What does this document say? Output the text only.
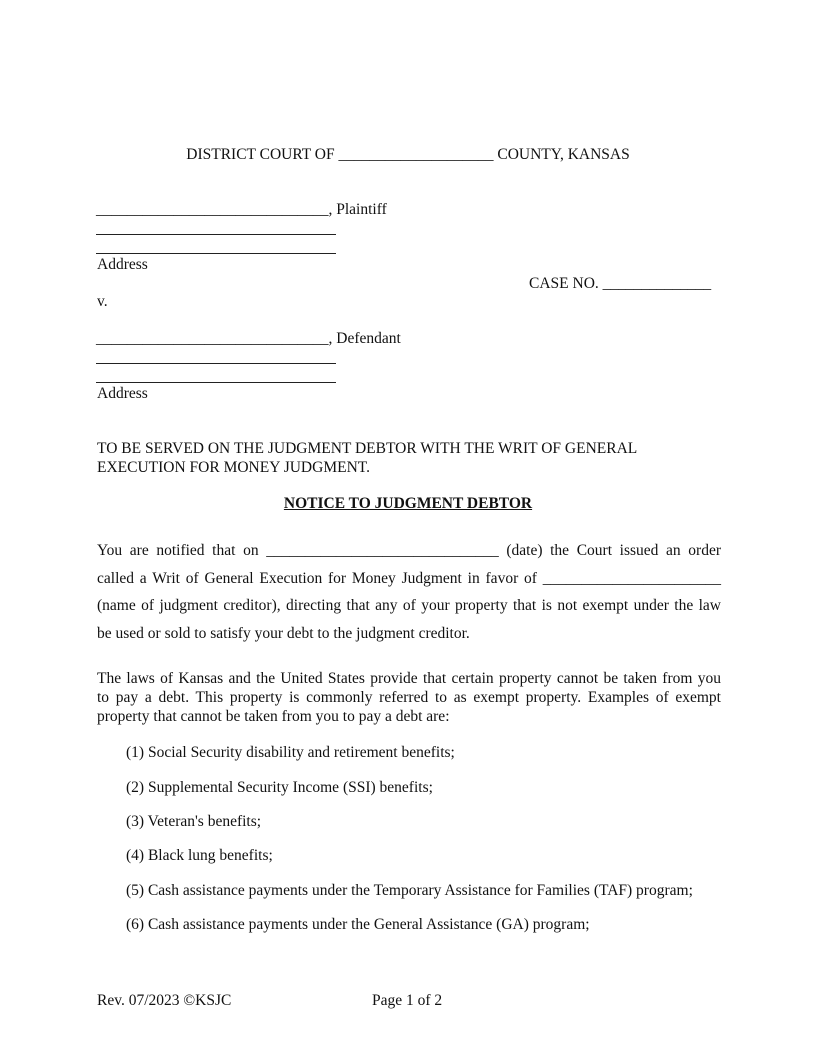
DISTRICT COURT OF ____________________ COUNTY, KANSAS
______________________________, Plaintiff
Address
CASE NO. ______________
v.
______________________________, Defendant
Address
TO BE SERVED ON THE JUDGMENT DEBTOR WITH THE WRIT OF GENERAL
EXECUTION FOR MONEY JUDGMENT.
NOTICE TO JUDGMENT DEBTOR
You are notified that on ______________________________ (date) the Court issued an order
called a Writ of General Execution for Money Judgment in favor of _______________________
(name of judgment creditor), directing that any of your property that is not exempt under the law
be used or sold to satisfy your debt to the judgment creditor.
The laws of Kansas and the United States provide that certain property cannot be taken from you
to pay a debt. This property is commonly referred to as exempt property. Examples of exempt
property that cannot be taken from you to pay a debt are:
(1) Social Security disability and retirement benefits;
(2) Supplemental Security Income (SSI) benefits;
(3) Veteran's benefits;
(4) Black lung benefits;
(5) Cash assistance payments under the Temporary Assistance for Families (TAF) program;
(6) Cash assistance payments under the General Assistance (GA) program;
Rev. 07/2023 ©KSJC	Page 1 of 2
